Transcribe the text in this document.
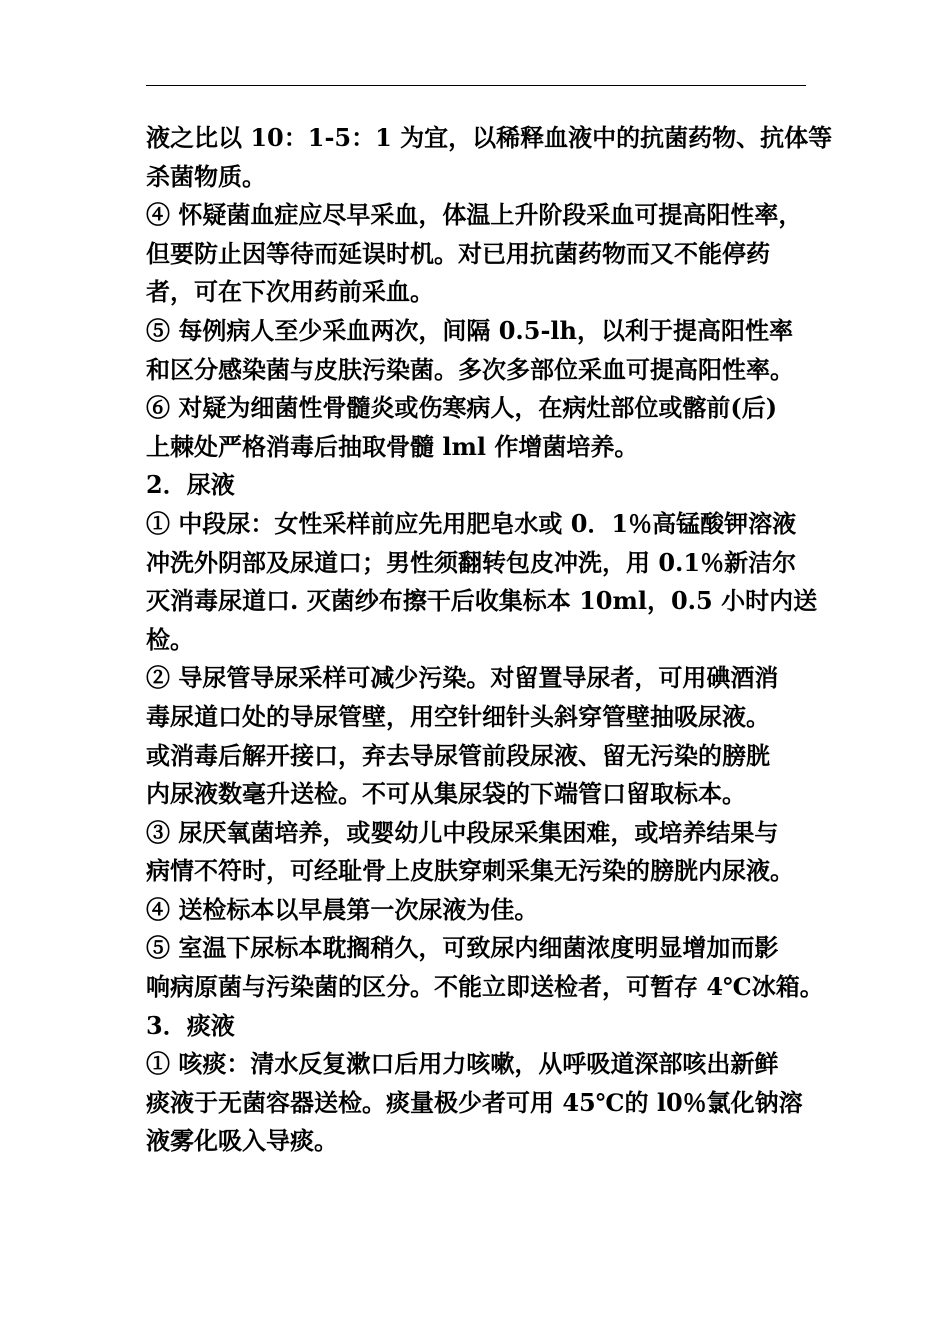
液之比以 10：1-5：1 为宜，以稀释血液中的抗菌药物、抗体等
杀菌物质。
④ 怀疑菌血症应尽早采血，体温上升阶段采血可提高阳性率，
但要防止因等待而延误时机。对已用抗菌药物而又不能停药
者，可在下次用药前采血。
⑤ 每例病人至少采血两次，间隔 0.5-lh，以利于提高阳性率
和区分感染菌与皮肤污染菌。多次多部位采血可提高阳性率。
⑥ 对疑为细菌性骨髓炎或伤寒病人，在病灶部位或髂前(后)
上棘处严格消毒后抽取骨髓 lml 作增菌培养。
2．尿液
① 中段尿：女性采样前应先用肥皂水或 0．1％高锰酸钾溶液
冲洗外阴部及尿道口；男性须翻转包皮冲洗，用 0.1％新洁尔
灭消毒尿道口. 灭菌纱布擦干后收集标本 10ml，0.5 小时内送
检。
② 导尿管导尿采样可减少污染。对留置导尿者，可用碘酒消
毒尿道口处的导尿管壁，用空针细针头斜穿管壁抽吸尿液。
或消毒后解开接口，弃去导尿管前段尿液、留无污染的膀胱
内尿液数毫升送检。不可从集尿袋的下端管口留取标本。
③ 尿厌氧菌培养，或婴幼儿中段尿采集困难，或培养结果与
病情不符时，可经耻骨上皮肤穿刺采集无污染的膀胱内尿液。
④ 送检标本以早晨第一次尿液为佳。
⑤ 室温下尿标本耽搁稍久，可致尿内细菌浓度明显增加而影
响病原菌与污染菌的区分。不能立即送检者，可暂存 4℃冰箱。
3．痰液
① 咳痰：清水反复漱口后用力咳嗽，从呼吸道深部咳出新鲜
痰液于无菌容器送检。痰量极少者可用 45℃的 l0％氯化钠溶
液雾化吸入导痰。
